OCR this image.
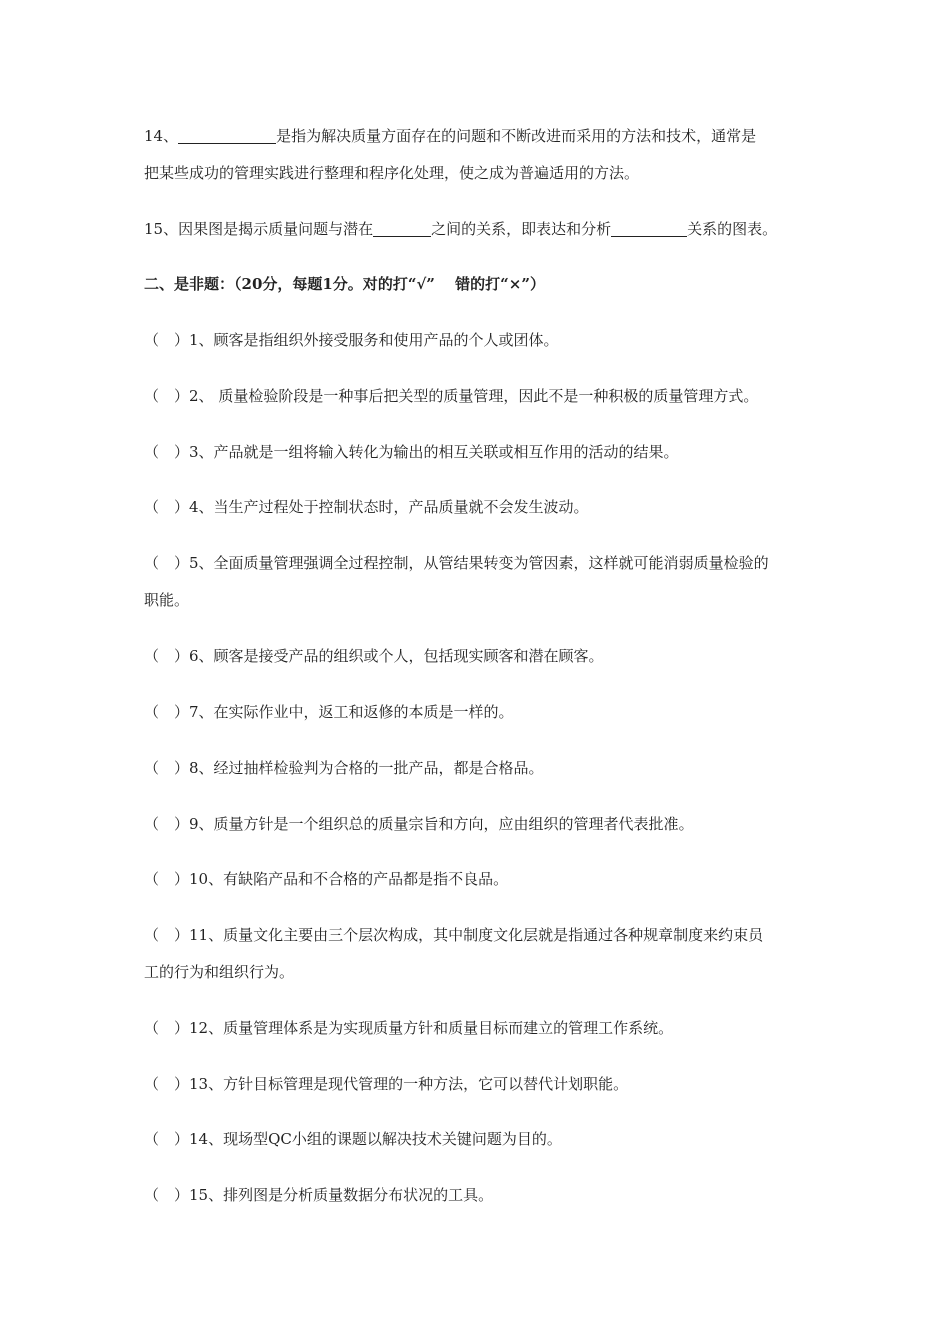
14、	是指为解决质量方面存在的问题和不断改进而采用的方法和技术，通常是

把某些成功的管理实践进行整理和程序化处理，使之成为普遍适用的方法。

15、因果图是揭示质量问题与潜在	之间的关系，即表达和分析	关系的图表。

二、是非题：（20分，每题1分。对的打“√”　 错的打“×”）

（　）1、顾客是指组织外接受服务和使用产品的个人或团体。

（　）2、 质量检验阶段是一种事后把关型的质量管理，因此不是一种积极的质量管理方式。

（　）3、产品就是一组将输入转化为输出的相互关联或相互作用的活动的结果。

（　）4、当生产过程处于控制状态时，产品质量就不会发生波动。

（　）5、全面质量管理强调全过程控制，从管结果转变为管因素，这样就可能消弱质量检验的

职能。

（　）6、顾客是接受产品的组织或个人，包括现实顾客和潜在顾客。

（　）7、在实际作业中，返工和返修的本质是一样的。

（　）8、经过抽样检验判为合格的一批产品，都是合格品。

（　）9、质量方针是一个组织总的质量宗旨和方向，应由组织的管理者代表批准。

（　）10、有缺陷产品和不合格的产品都是指不良品。

（　）11、质量文化主要由三个层次构成，其中制度文化层就是指通过各种规章制度来约束员

工的行为和组织行为。

（　）12、质量管理体系是为实现质量方针和质量目标而建立的管理工作系统。

（　）13、方针目标管理是现代管理的一种方法，它可以替代计划职能。

（　）14、现场型QC小组的课题以解决技术关键问题为目的。

（　）15、排列图是分析质量数据分布状况的工具。
